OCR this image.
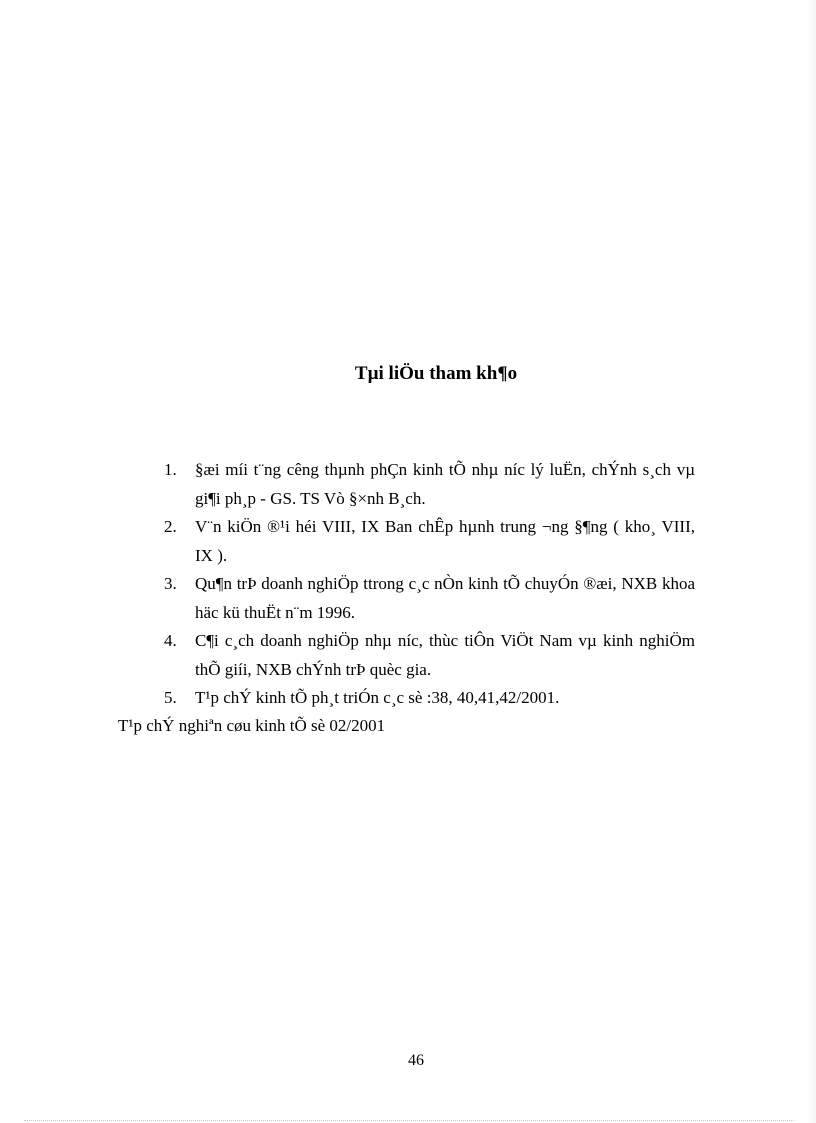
Tµi liÖu tham kh¶o
1. §æi míi t¨ng cêng thµnh phÇn kinh tÕ nhµ níc lý luËn, chÝnh s¸ch vµ gi¶i ph¸p - GS. TS Vò §×nh B¸ch.
2. V¨n kiÖn ®¹i héi VIII, IX Ban chÊp hµnh trung ¬ng §¶ng ( kho¸ VIII, IX ).
3. Qu¶n trÞ doanh nghiÖp ttrong c¸c nÒn kinh tÕ chuyÓn ®æi, NXB khoa häc kü thuËt n¨m 1996.
4. C¶i c¸ch doanh nghiÖp nhµ níc, thùc tiÔn ViÖt Nam vµ kinh nghiÖm thÕ giíi, NXB chÝnh trÞ quèc gia.
5. T¹p chÝ kinh tÕ ph¸t triÓn c¸c sè :38, 40,41,42/2001.
T¹p chÝ nghiªn cøu kinh tÕ sè 02/2001
46
